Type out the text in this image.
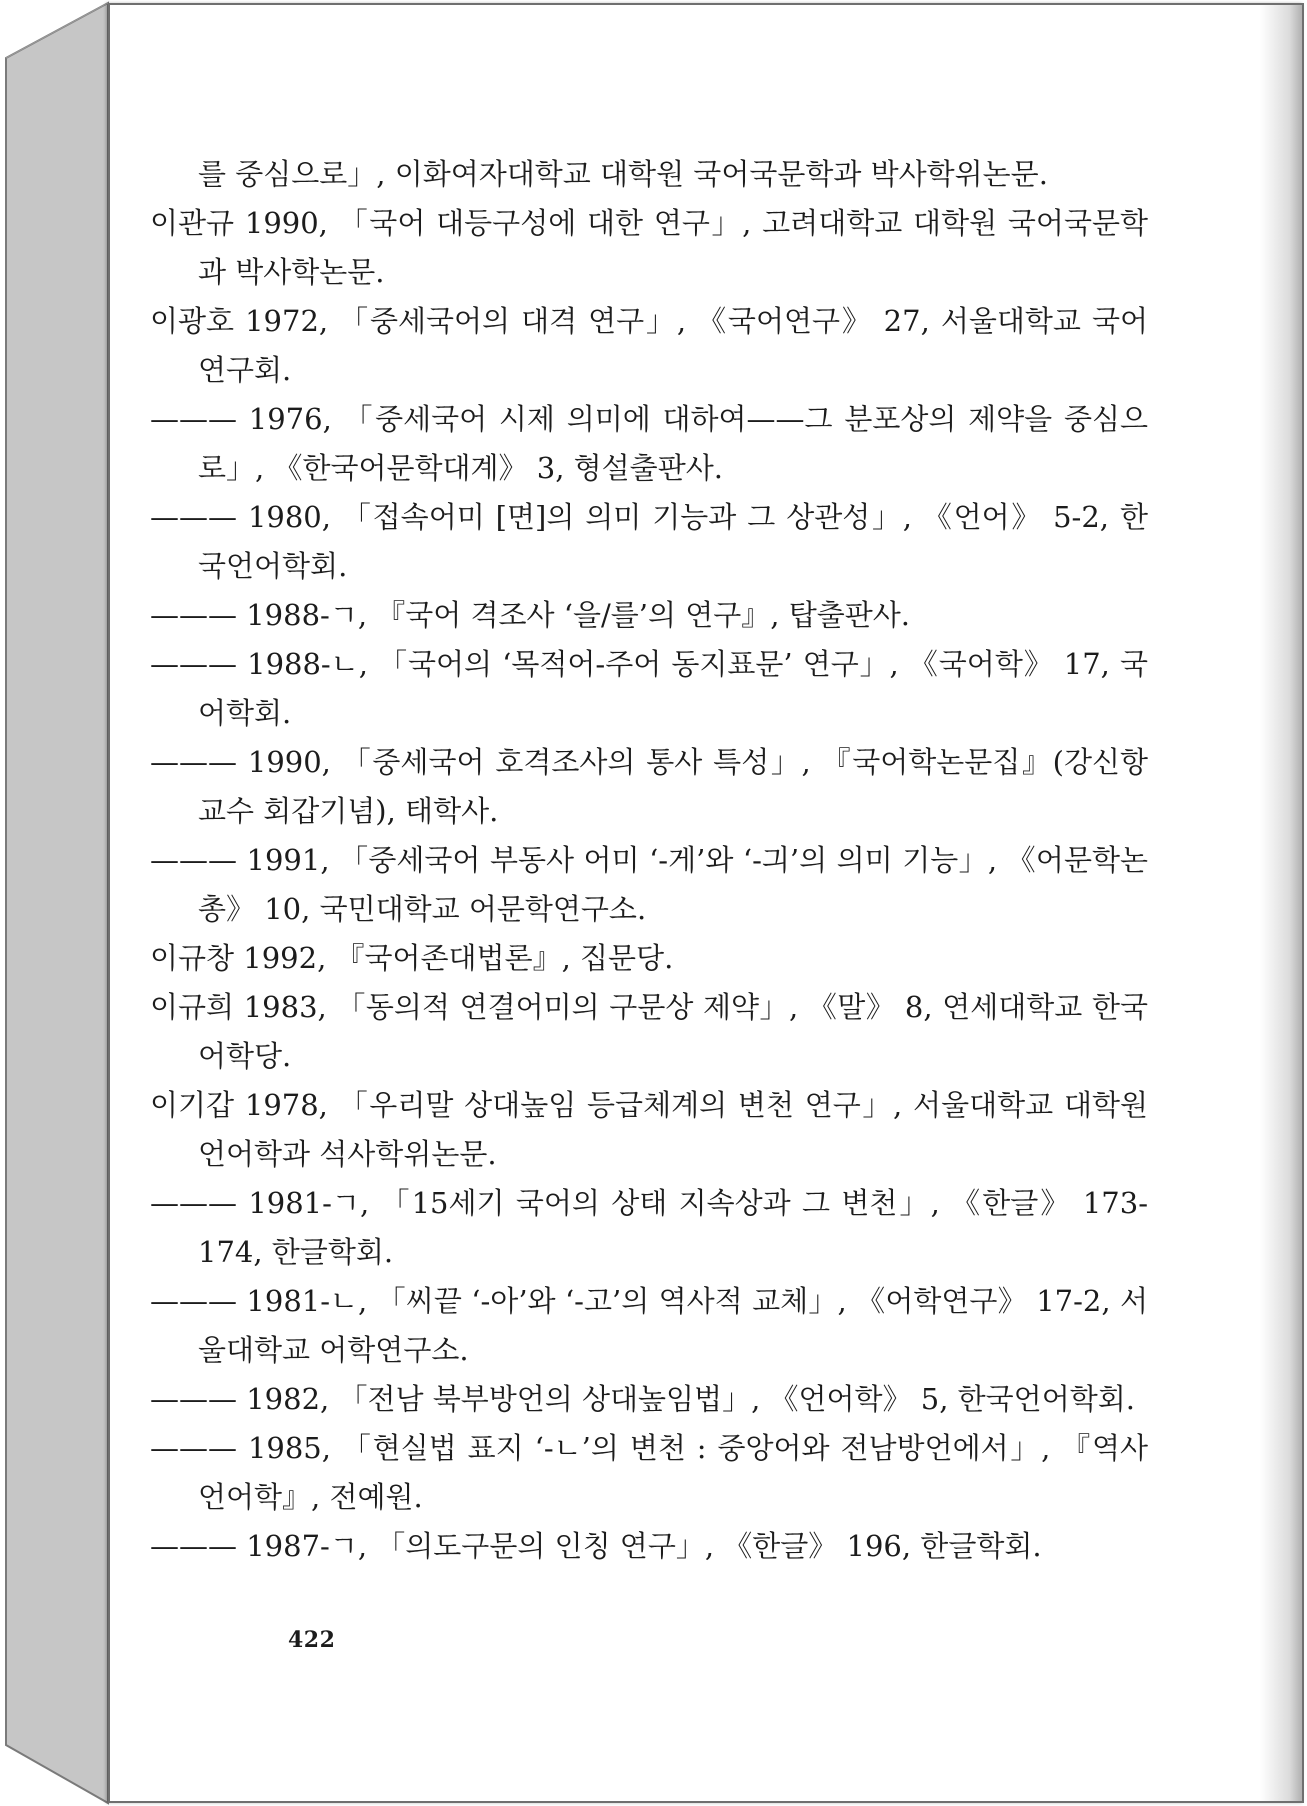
를 중심으로」, 이화여자대학교 대학원 국어국문학과 박사학위논문.

이관규 1990, 「국어 대등구성에 대한 연구」, 고려대학교 대학원 국어국문학과 박사학논문.

이광호 1972, 「중세국어의 대격 연구」, 《국어연구》 27, 서울대학교 국어연구회.

——— 1976, 「중세국어 시제 의미에 대하여——그 분포상의 제약을 중심으로」, 《한국어문학대계》 3, 형설출판사.

——— 1980, 「접속어미 [면]의 의미 기능과 그 상관성」, 《언어》 5-2, 한국언어학회.

——— 1988-ㄱ, 『국어 격조사 ‘을/를’의 연구』, 탑출판사.

——— 1988-ㄴ, 「국어의 ‘목적어-주어 동지표문’ 연구」, 《국어학》 17, 국어학회.

——— 1990, 「중세국어 호격조사의 통사 특성」, 『국어학논문집』(강신항교수 회갑기념), 태학사.

——— 1991, 「중세국어 부동사 어미 ‘-게’와 ‘-긔’의 의미 기능」, 《어문학논총》 10, 국민대학교 어문학연구소.

이규창 1992, 『국어존대법론』, 집문당.

이규희 1983, 「동의적 연결어미의 구문상 제약」, 《말》 8, 연세대학교 한국어학당.

이기갑 1978, 「우리말 상대높임 등급체계의 변천 연구」, 서울대학교 대학원 언어학과 석사학위논문.

——— 1981-ㄱ, 「15세기 국어의 상태 지속상과 그 변천」, 《한글》 173-174, 한글학회.

——— 1981-ㄴ, 「씨끝 ‘-아’와 ‘-고’의 역사적 교체」, 《어학연구》 17-2, 서울대학교 어학연구소.

——— 1982, 「전남 북부방언의 상대높임법」, 《언어학》 5, 한국언어학회.

——— 1985, 「현실법 표지 ‘-ㄴ’의 변천 : 중앙어와 전남방언에서」, 『역사언어학』, 전예원.

——— 1987-ㄱ, 「의도구문의 인칭 연구」, 《한글》 196, 한글학회.

422
